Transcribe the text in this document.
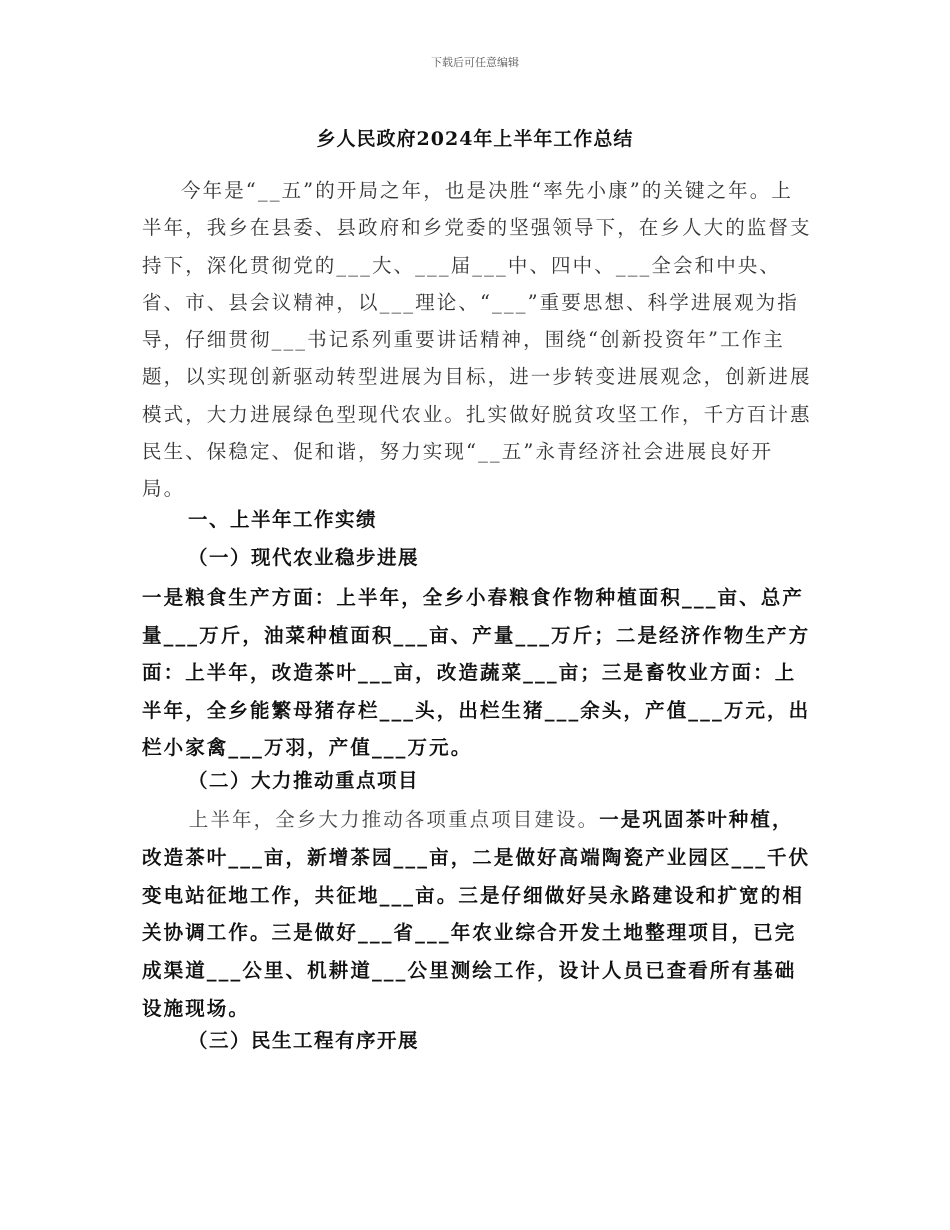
下载后可任意编辑
乡人民政府2024年上半年工作总结
今年是“__五”的开局之年，也是决胜“率先小康”的关键之年。上半年，我乡在县委、县政府和乡党委的坚强领导下，在乡人大的监督支持下，深化贯彻党的___大、___届___中、四中、___全会和中央、省、市、县会议精神，以___理论、“___”重要思想、科学进展观为指导，仔细贯彻___书记系列重要讲话精神，围绕“创新投资年”工作主题，以实现创新驱动转型进展为目标，进一步转变进展观念，创新进展模式，大力进展绿色型现代农业。扎实做好脱贫攻坚工作，千方百计惠民生、保稳定、促和谐，努力实现“__五”永青经济社会进展良好开局。
一、上半年工作实绩
（一）现代农业稳步进展
一是粮食生产方面：上半年，全乡小春粮食作物种植面积___亩、总产量___万斤，油菜种植面积___亩、产量___万斤；二是经济作物生产方面：上半年，改造茶叶___亩，改造蔬菜___亩；三是畜牧业方面：上半年，全乡能繁母猪存栏___头，出栏生猪___余头，产值___万元，出栏小家禽___万羽，产值___万元。
（二）大力推动重点项目
上半年，全乡大力推动各项重点项目建设。一是巩固茶叶种植，改造茶叶___亩，新增茶园___亩，二是做好高端陶瓷产业园区___千伏变电站征地工作，共征地___亩。三是仔细做好吴永路建设和扩宽的相关协调工作。三是做好___省___年农业综合开发土地整理项目，已完成渠道___公里、机耕道___公里测绘工作，设计人员已查看所有基础设施现场。
（三）民生工程有序开展
